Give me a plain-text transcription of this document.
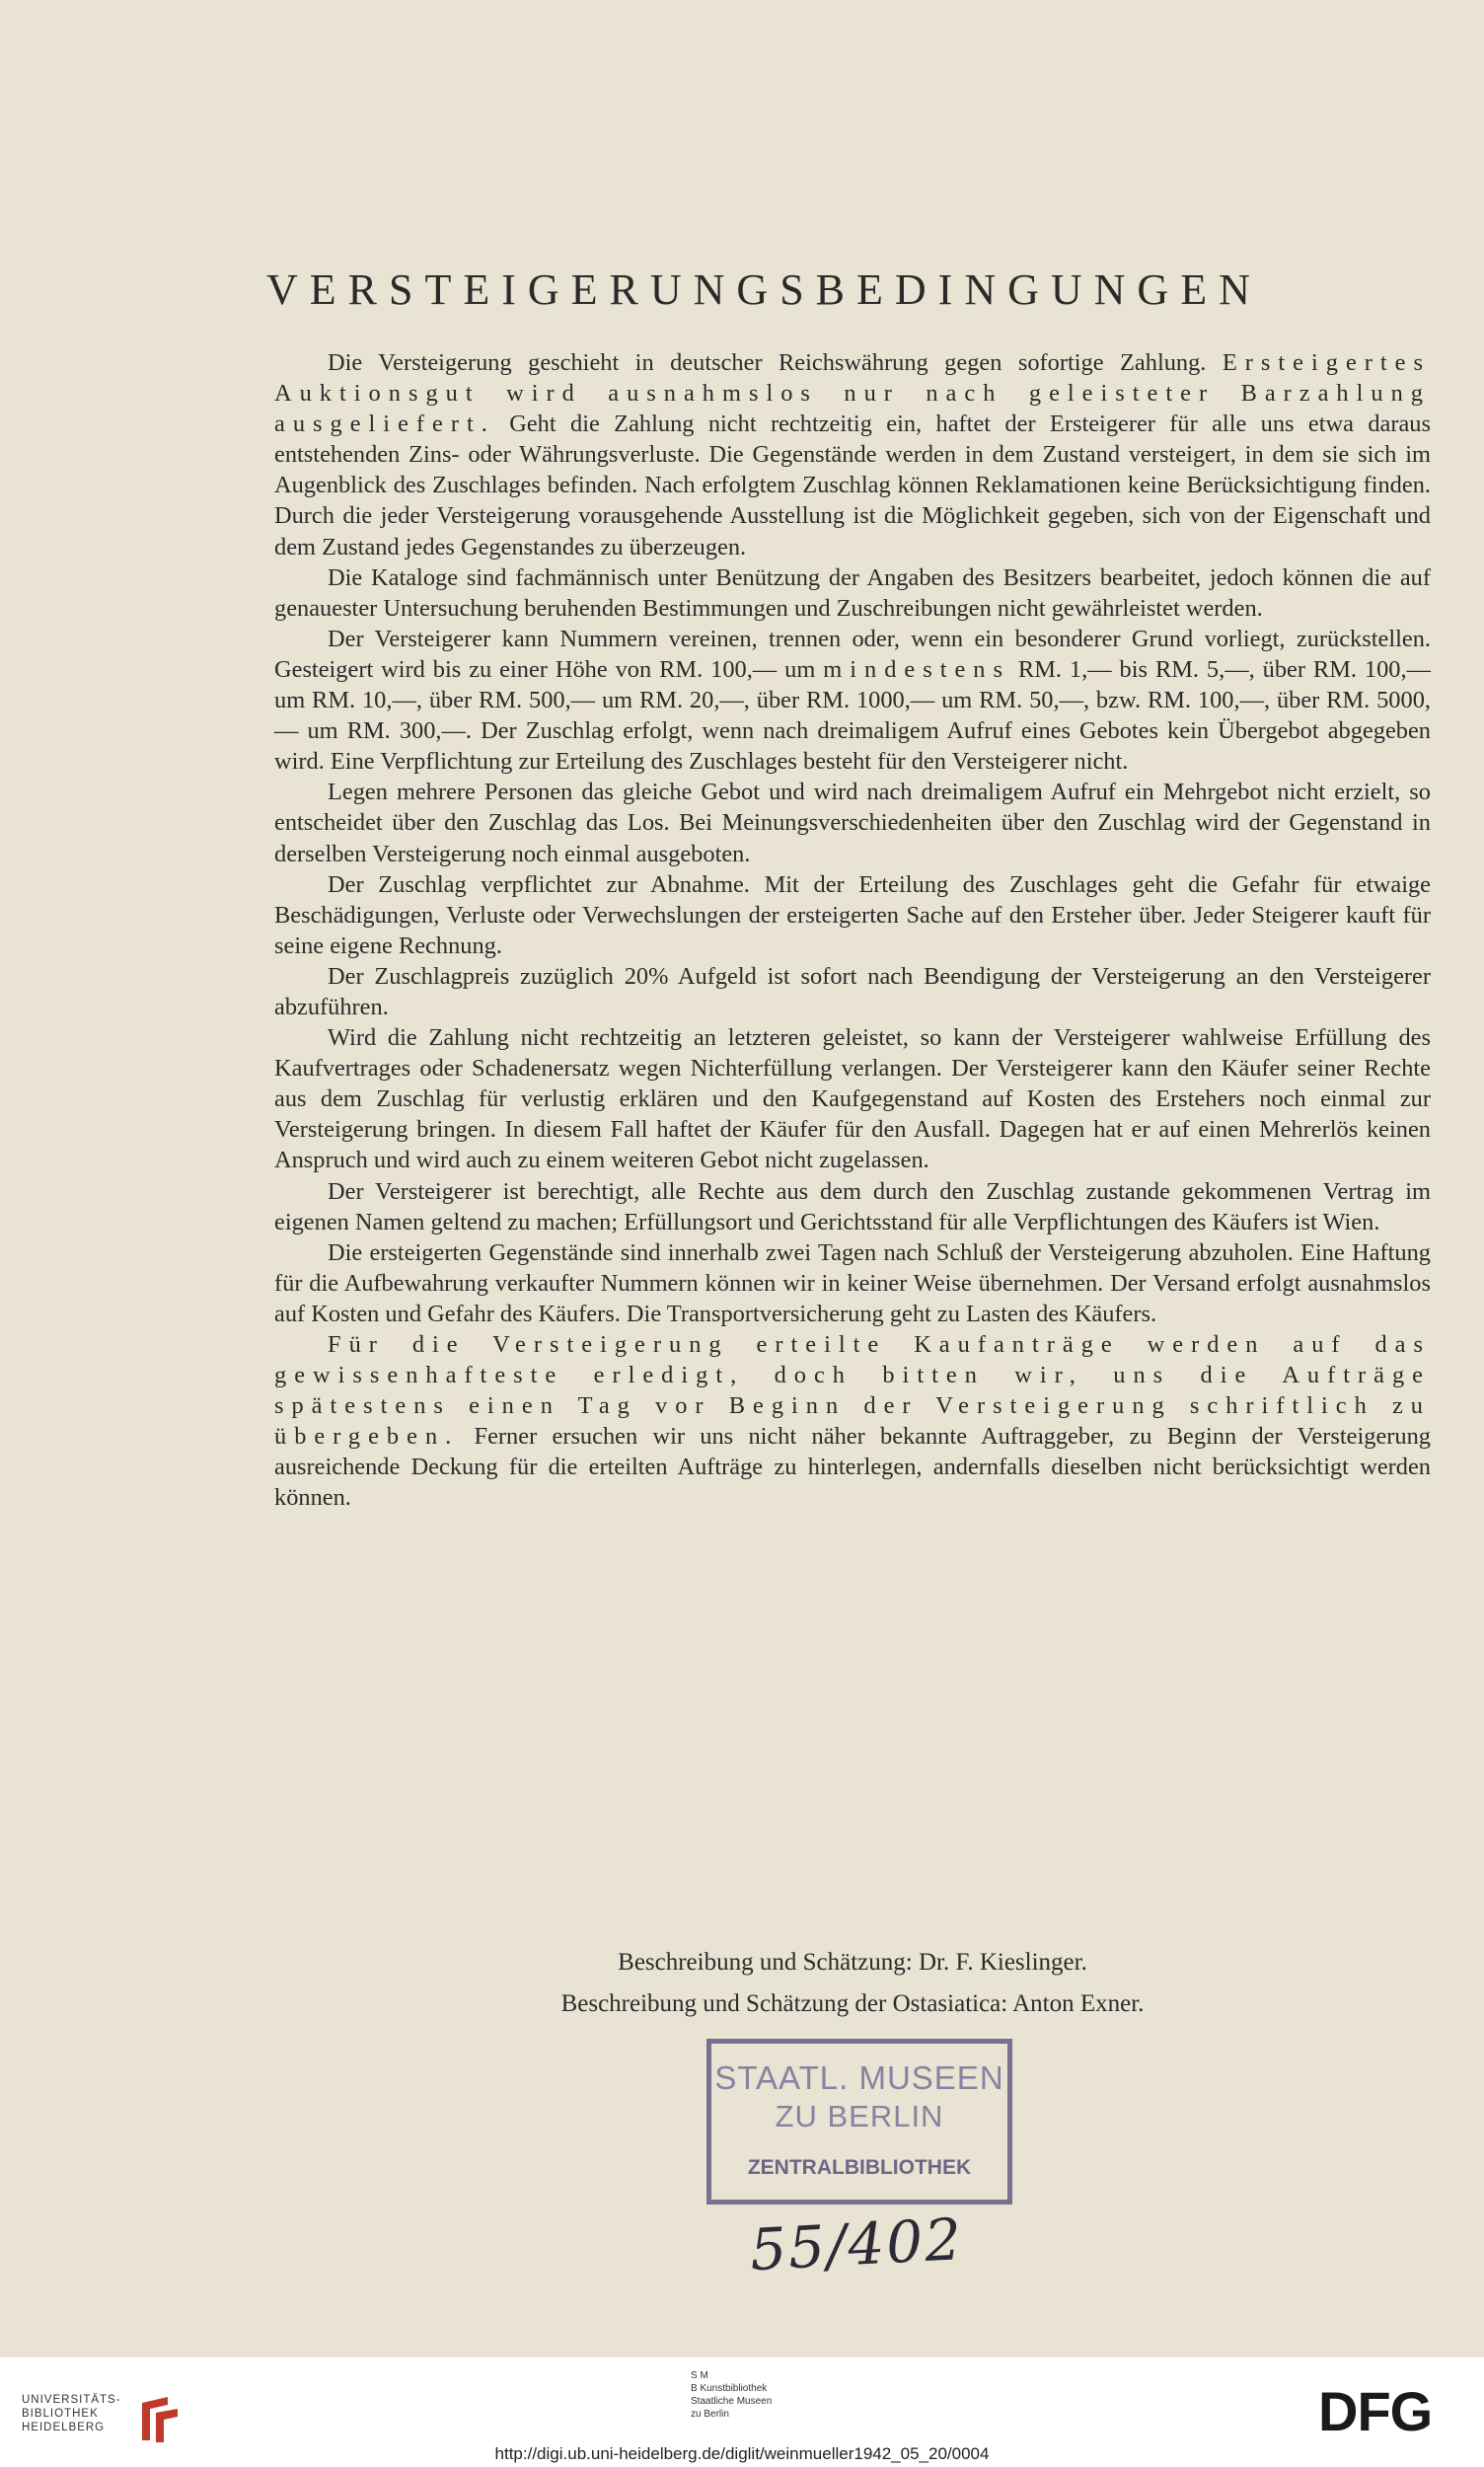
VERSTEIGERUNGSBEDINGUNGEN

Die Versteigerung geschieht in deutscher Reichswährung gegen sofortige Zahlung. Ersteigertes Auktionsgut wird ausnahmslos nur nach geleisteter Barzahlung ausgeliefert. Geht die Zahlung nicht rechtzeitig ein, haftet der Ersteigerer für alle uns etwa daraus entstehenden Zins- oder Währungsverluste. Die Gegenstände werden in dem Zustand versteigert, in dem sie sich im Augenblick des Zuschlages befinden. Nach erfolgtem Zuschlag können Reklamationen keine Berücksichtigung finden. Durch die jeder Versteigerung vorausgehende Ausstellung ist die Möglichkeit gegeben, sich von der Eigenschaft und dem Zustand jedes Gegenstandes zu überzeugen.

Die Kataloge sind fachmännisch unter Benützung der Angaben des Besitzers bearbeitet, jedoch können die auf genauester Untersuchung beruhenden Bestimmungen und Zuschreibungen nicht gewährleistet werden.

Der Versteigerer kann Nummern vereinen, trennen oder, wenn ein besonderer Grund vorliegt, zurückstellen. Gesteigert wird bis zu einer Höhe von RM. 100,— um mindestens RM. 1,— bis RM. 5,—, über RM. 100,— um RM. 10,—, über RM. 500,— um RM. 20,—, über RM. 1000,— um RM. 50,—, bzw. RM. 100,—, über RM. 5000,— um RM. 300,—. Der Zuschlag erfolgt, wenn nach dreimaligem Aufruf eines Gebotes kein Übergebot abgegeben wird. Eine Verpflichtung zur Erteilung des Zuschlages besteht für den Versteigerer nicht.

Legen mehrere Personen das gleiche Gebot und wird nach dreimaligem Aufruf ein Mehrgebot nicht erzielt, so entscheidet über den Zuschlag das Los. Bei Meinungsverschiedenheiten über den Zuschlag wird der Gegenstand in derselben Versteigerung noch einmal ausgeboten.

Der Zuschlag verpflichtet zur Abnahme. Mit der Erteilung des Zuschlages geht die Gefahr für etwaige Beschädigungen, Verluste oder Verwechslungen der ersteigerten Sache auf den Ersteher über. Jeder Steigerer kauft für seine eigene Rechnung.

Der Zuschlagpreis zuzüglich 20% Aufgeld ist sofort nach Beendigung der Versteigerung an den Versteigerer abzuführen.

Wird die Zahlung nicht rechtzeitig an letzteren geleistet, so kann der Versteigerer wahlweise Erfüllung des Kaufvertrages oder Schadenersatz wegen Nichterfüllung verlangen. Der Versteigerer kann den Käufer seiner Rechte aus dem Zuschlag für verlustig erklären und den Kaufgegenstand auf Kosten des Erstehers noch einmal zur Versteigerung bringen. In diesem Fall haftet der Käufer für den Ausfall. Dagegen hat er auf einen Mehrerlös keinen Anspruch und wird auch zu einem weiteren Gebot nicht zugelassen.

Der Versteigerer ist berechtigt, alle Rechte aus dem durch den Zuschlag zustande gekommenen Vertrag im eigenen Namen geltend zu machen; Erfüllungsort und Gerichtsstand für alle Verpflichtungen des Käufers ist Wien.

Die ersteigerten Gegenstände sind innerhalb zwei Tagen nach Schluß der Versteigerung abzuholen. Eine Haftung für die Aufbewahrung verkaufter Nummern können wir in keiner Weise übernehmen. Der Versand erfolgt ausnahmslos auf Kosten und Gefahr des Käufers. Die Transportversicherung geht zu Lasten des Käufers.

Für die Versteigerung erteilte Kaufanträge werden auf das gewissenhafteste erledigt, doch bitten wir, uns die Aufträge spätestens einen Tag vor Beginn der Versteigerung schriftlich zu übergeben. Ferner ersuchen wir uns nicht näher bekannte Auftraggeber, zu Beginn der Versteigerung ausreichende Deckung für die erteilten Aufträge zu hinterlegen, andernfalls dieselben nicht berücksichtigt werden können.

Beschreibung und Schätzung: Dr. F. Kieslinger.
Beschreibung und Schätzung der Ostasiatica: Anton Exner.
STAATL. MUSEEN
ZU BERLIN
ZENTRALBIBLIOTHEK
55/402
UNIVERSITÄTS-
BIBLIOTHEK
HEIDELBERG
S M
B Kunstbibliothek
Staatliche Museen
zu Berlin	DFG
http://digi.ub.uni-heidelberg.de/diglit/weinmueller1942_05_20/0004
